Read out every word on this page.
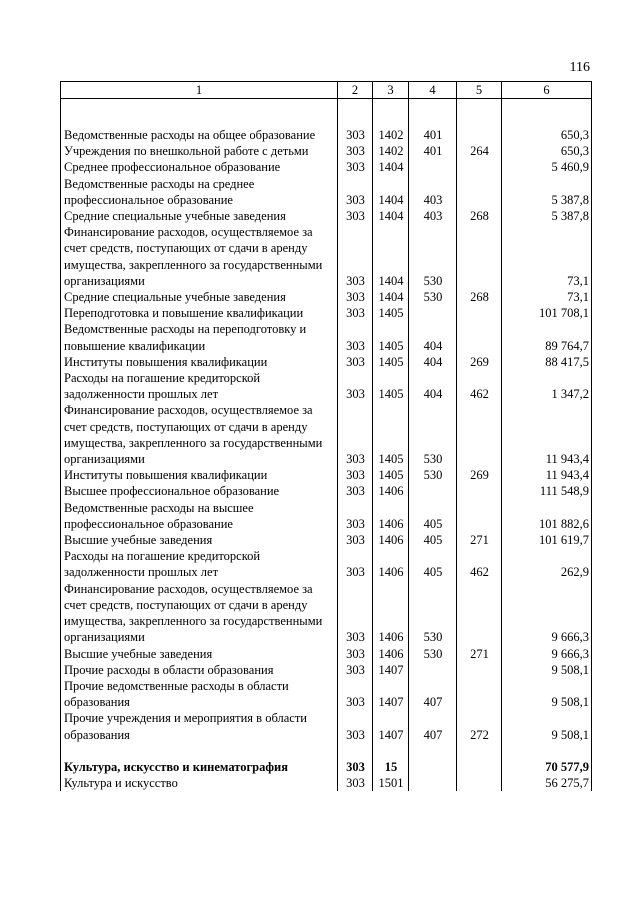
116
1	2	3	4	5	6

Ведомственные расходы на общее образование	303	1402	401		650,3
Учреждения по внешкольной работе с детьми	303	1402	401	264	650,3
Среднее профессиональное образование	303	1404			5 460,9
Ведомственные расходы на среднее профессиональное образование	303	1404	403		5 387,8
Средние специальные учебные заведения	303	1404	403	268	5 387,8
Финансирование расходов, осуществляемое за счет средств, поступающих от сдачи в аренду имущества, закрепленного за государственными организациями	303	1404	530		73,1
Средние специальные учебные заведения	303	1404	530	268	73,1
Переподготовка и повышение квалификации	303	1405			101 708,1
Ведомственные расходы на переподготовку и повышение квалификации	303	1405	404		89 764,7
Институты повышения квалификации	303	1405	404	269	88 417,5
Расходы на погашение кредиторской задолженности прошлых лет	303	1405	404	462	1 347,2
Финансирование расходов, осуществляемое за счет средств, поступающих от сдачи в аренду имущества, закрепленного за государственными организациями	303	1405	530		11 943,4
Институты повышения квалификации	303	1405	530	269	11 943,4
Высшее профессиональное образование	303	1406			111 548,9
Ведомственные расходы на высшее профессиональное образование	303	1406	405		101 882,6
Высшие учебные заведения	303	1406	405	271	101 619,7
Расходы на погашение кредиторской задолженности прошлых лет	303	1406	405	462	262,9
Финансирование расходов, осуществляемое за счет средств, поступающих от сдачи в аренду имущества, закрепленного за государственными организациями	303	1406	530		9 666,3
Высшие учебные заведения	303	1406	530	271	9 666,3
Прочие расходы в области образования	303	1407			9 508,1
Прочие ведомственные расходы в области образования	303	1407	407		9 508,1
Прочие учреждения и мероприятия в области образования	303	1407	407	272	9 508,1

Культура, искусство и кинематография	303	15			70 577,9
Культура и искусство	303	1501			56 275,7
